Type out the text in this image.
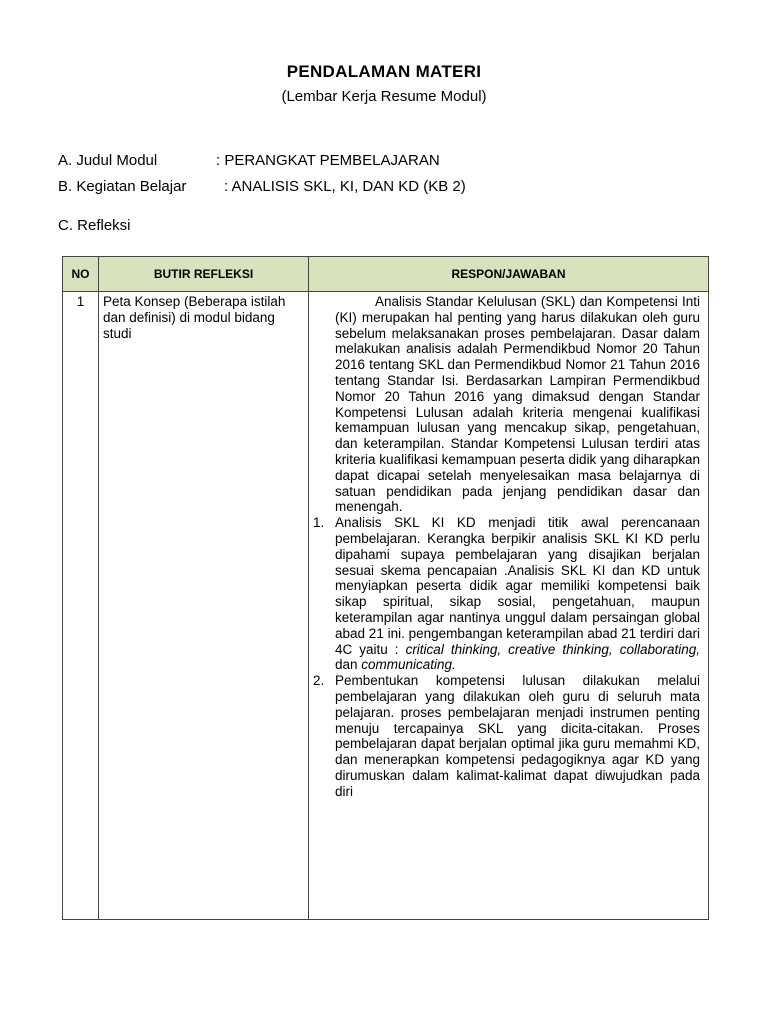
PENDALAMAN MATERI
(Lembar Kerja Resume Modul)
A. Judul Modul	: PERANGKAT PEMBELAJARAN
B. Kegiatan Belajar	: ANALISIS SKL, KI, DAN KD (KB 2)
C. Refleksi
NO	BUTIR REFLEKSI	RESPON/JAWABAN
1	Peta Konsep (Beberapa istilah dan definisi) di modul bidang studi	Analisis Standar Kelulusan (SKL) dan Kompetensi Inti (KI) merupakan hal penting yang harus dilakukan oleh guru sebelum melaksanakan proses pembelajaran. Dasar dalam melakukan analisis adalah Permendikbud Nomor 20 Tahun 2016 tentang SKL dan Permendikbud Nomor 21 Tahun 2016 tentang Standar Isi. Berdasarkan Lampiran Permendikbud Nomor 20 Tahun 2016 yang dimaksud dengan Standar Kompetensi Lulusan adalah kriteria mengenai kualifikasi kemampuan lulusan yang mencakup sikap, pengetahuan, dan keterampilan. Standar Kompetensi Lulusan terdiri atas kriteria kualifikasi kemampuan peserta didik yang diharapkan dapat dicapai setelah menyelesaikan masa belajarnya di satuan pendidikan pada jenjang pendidikan dasar dan menengah.

1. Analisis SKL KI KD menjadi titik awal perencanaan pembelajaran. Kerangka berpikir analisis SKL KI KD perlu dipahami supaya pembelajaran yang disajikan berjalan sesuai skema pencapaian .Analisis SKL KI dan KD untuk menyiapkan peserta didik agar memiliki kompetensi baik sikap spiritual, sikap sosial, pengetahuan, maupun keterampilan agar nantinya unggul dalam persaingan global abad 21 ini. pengembangan keterampilan abad 21 terdiri dari 4C yaitu : critical thinking, creative thinking, collaborating, dan communicating.

2. Pembentukan kompetensi lulusan dilakukan melalui pembelajaran yang dilakukan oleh guru di seluruh mata pelajaran. proses pembelajaran menjadi instrumen penting menuju tercapainya SKL yang dicita-citakan. Proses pembelajaran dapat berjalan optimal jika guru memahmi KD, dan menerapkan kompetensi pedagogiknya agar KD yang dirumuskan dalam kalimat-kalimat dapat diwujudkan pada diri
